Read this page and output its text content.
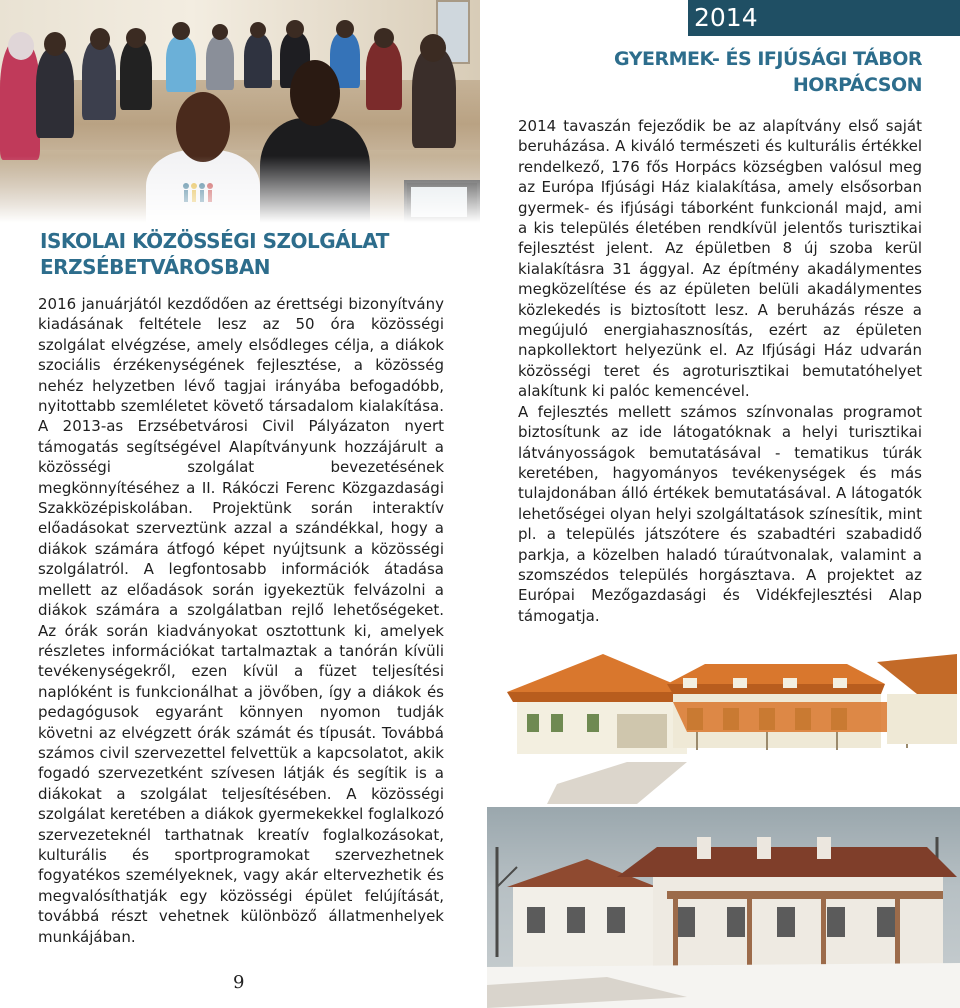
ISKOLAI KÖZÖSSÉGI SZOLGÁLAT
ERZSÉBETVÁROSBAN
2016 januárjától kezdődően az érettségi bizonyítvány kiadásának feltétele lesz az 50 óra közösségi szolgálat elvégzése, amely elsődleges célja, a diákok szociális érzékenységének fejlesztése, a közösség nehéz helyzetben lévő tagjai irányába befogadóbb, nyitottabb szemléletet követő társadalom kialakítása. A 2013-as Erzsébetvárosi Civil Pályázaton nyert támogatás segítségével Alapítványunk hozzájárult a közösségi szolgálat bevezetésének megkönnyítéséhez a II. Rákóczi Ferenc Közgazdasági Szakközépiskolában. Projektünk során interaktív előadásokat szerveztünk azzal a szándékkal, hogy a diákok számára átfogó képet nyújtsunk a közösségi szolgálatról. A legfontosabb információk átadása mellett az előadások során igyekeztük felvázolni a diákok számára a szolgálatban rejlő lehetőségeket. Az órák során kiadványokat osztottunk ki, amelyek részletes információkat tartalmaztak a tanórán kívüli tevékenységekről, ezen kívül a füzet teljesítési naplóként is funkcionálhat a jövőben, így a diákok és pedagógusok egyaránt könnyen nyomon tudják követni az elvégzett órák számát és típusát. Továbbá számos civil szervezettel felvettük a kapcsolatot, akik fogadó szervezetként szívesen látják és segítik is a diákokat a szolgálat teljesítésében. A közösségi szolgálat keretében a diákok gyermekekkel foglalkozó szervezeteknél tarthatnak kreatív foglalkozásokat, kulturális és sportprogramokat szervezhetnek fogyatékos személyeknek, vagy akár eltervezhetik és megvalósíthatják egy közösségi épület felújítását, továbbá részt vehetnek különböző állatmenhelyek munkájában.
9
2014
GYERMEK- ÉS IFJÚSÁGI TÁBOR
HORPÁCSON
2014 tavaszán fejeződik be az alapítvány első saját beruházása. A kiváló természeti és kulturális értékkel rendelkező, 176 fős Horpács községben valósul meg az Európa Ifjúsági Ház kialakítása, amely elsősorban gyermek- és ifjúsági táborként funkcionál majd, ami a kis település életében rendkívül jelentős turisztikai fejlesztést jelent. Az épületben 8 új szoba kerül kialakításra 31 ággyal. Az építmény akadálymentes megközelítése és az épületen belüli akadálymentes közlekedés is biztosított lesz. A beruházás része a megújuló energiahasznosítás, ezért az épületen napkollektort helyezünk el. Az Ifjúsági Ház udvarán közösségi teret és agroturisztikai bemutatóhelyet alakítunk ki palóc kemencével.
A fejlesztés mellett számos színvonalas programot biztosítunk az ide látogatóknak a helyi turisztikai látványosságok bemutatásával - tematikus túrák keretében, hagyományos tevékenységek és más tulajdonában álló értékek bemutatásával. A látogatók lehetőségei olyan helyi szolgáltatások színesítik, mint pl. a település játszótere és szabadtéri szabadidő parkja, a közelben haladó túraútvonalak, valamint a szomszédos település horgásztava. A projektet az Európai Mezőgazdasági és Vidékfejlesztési Alap támogatja.
